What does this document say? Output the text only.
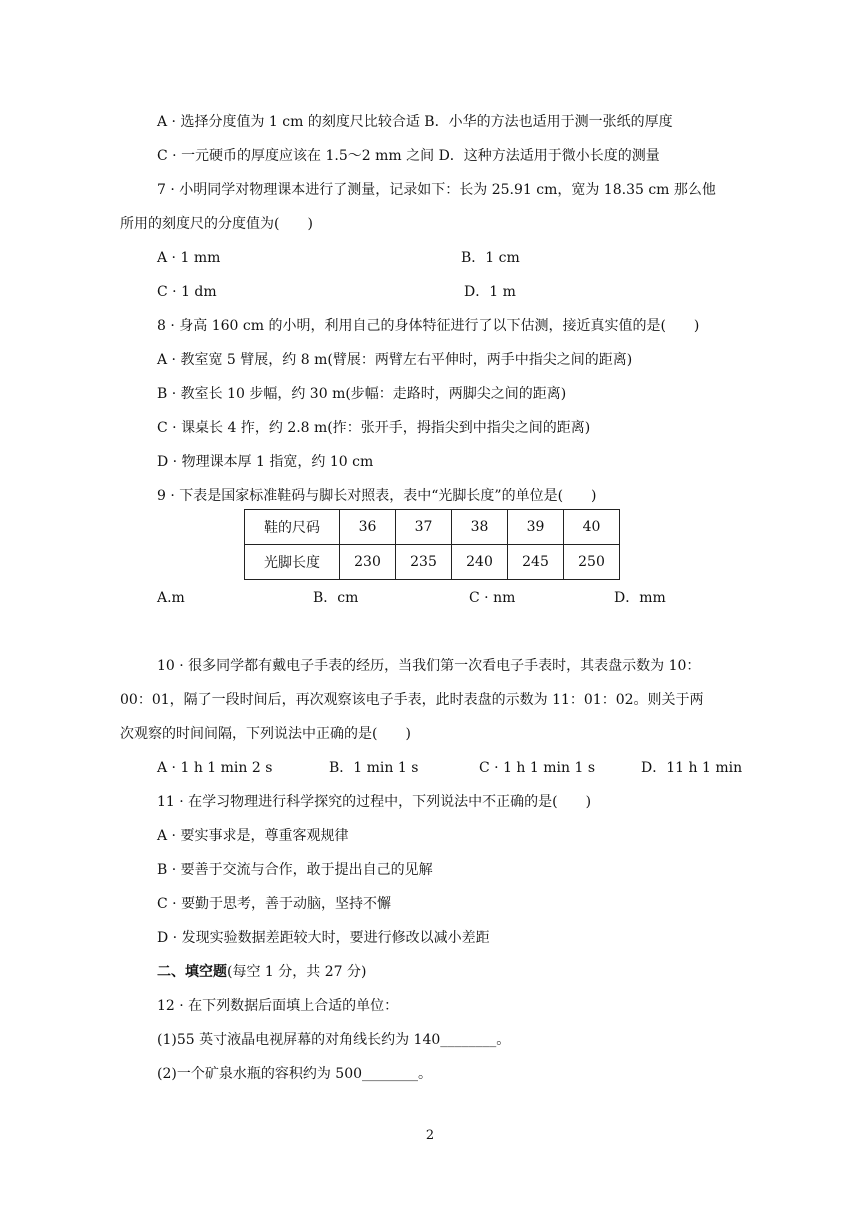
A · 选择分度值为 1 cm 的刻度尺比较合适 B．小华的方法也适用于测一张纸的厚度
C · 一元硬币的厚度应该在 1.5～2 mm 之间 D．这种方法适用于微小长度的测量
7 · 小明同学对物理课本进行了测量，记录如下：长为 25.91 cm，宽为 18.35 cm 那么他
所用的刻度尺的分度值为(　　)
A · 1 mm	B．1 cm
C · 1 dm	D．1 m
8 · 身高 160 cm 的小明，利用自己的身体特征进行了以下估测，接近真实值的是(　　)
A · 教室宽 5 臂展，约 8 m(臂展：两臂左右平伸时，两手中指尖之间的距离)
B · 教室长 10 步幅，约 30 m(步幅：走路时，两脚尖之间的距离)
C · 课桌长 4 拃，约 2.8 m(拃：张开手，拇指尖到中指尖之间的距离)
D · 物理课本厚 1 指宽，约 10 cm
9 · 下表是国家标准鞋码与脚长对照表，表中“光脚长度”的单位是(　　)
鞋的尺码	36	37	38	39	40
光脚长度	230	235	240	245	250
A.m	B．cm	C · nm	D．mm
10 · 很多同学都有戴电子手表的经历，当我们第一次看电子手表时，其表盘示数为 10：
00：01，隔了一段时间后，再次观察该电子手表，此时表盘的示数为 11：01：02。则关于两
次观察的时间间隔，下列说法中正确的是(　　)
A · 1 h 1 min 2 s	B．1 min 1 s	C · 1 h 1 min 1 s	D．11 h 1 min
11 · 在学习物理进行科学探究的过程中，下列说法中不正确的是(　　)
A · 要实事求是，尊重客观规律
B · 要善于交流与合作，敢于提出自己的见解
C · 要勤于思考，善于动脑，坚持不懈
D · 发现实验数据差距较大时，要进行修改以减小差距
二、填空题(每空 1 分，共 27 分)
12 · 在下列数据后面填上合适的单位：
(1)55 英寸液晶电视屏幕的对角线长约为 140________。
(2)一个矿泉水瓶的容积约为 500________。
2
